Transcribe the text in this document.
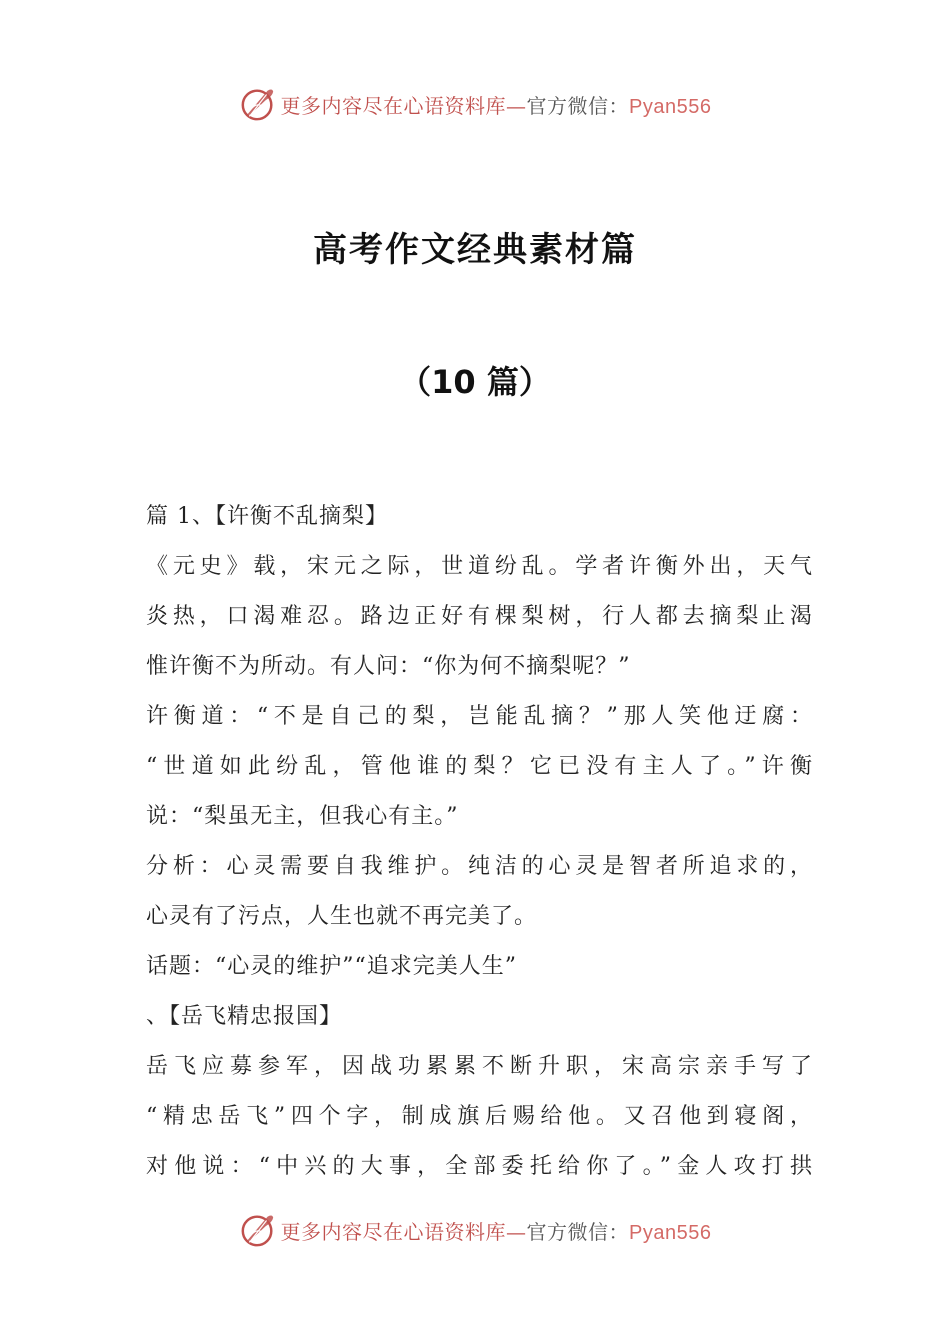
更多内容尽在心语资料库—官方微信：Pyan556
高考作文经典素材篇
（10 篇）
篇 1、【许衡不乱摘梨】
《元史》载，宋元之际，世道纷乱。学者许衡外出，天气
炎热，口渴难忍。路边正好有棵梨树，行人都去摘梨止渴
惟许衡不为所动。有人问：“你为何不摘梨呢？”
许衡道：“不是自己的梨，岂能乱摘？”那人笑他迂腐：
“世道如此纷乱，管他谁的梨？它已没有主人了。”许衡
说：“梨虽无主，但我心有主。”
分析：心灵需要自我维护。纯洁的心灵是智者所追求的，
心灵有了污点，人生也就不再完美了。
话题：“心灵的维护”“追求完美人生”
、【岳飞精忠报国】
岳飞应募参军，因战功累累不断升职，宋高宗亲手写了
“精忠岳飞”四个字，制成旗后赐给他。又召他到寝阁，
对他说：“中兴的大事，全部委托给你了。”金人攻打拱
更多内容尽在心语资料库—官方微信：Pyan556
